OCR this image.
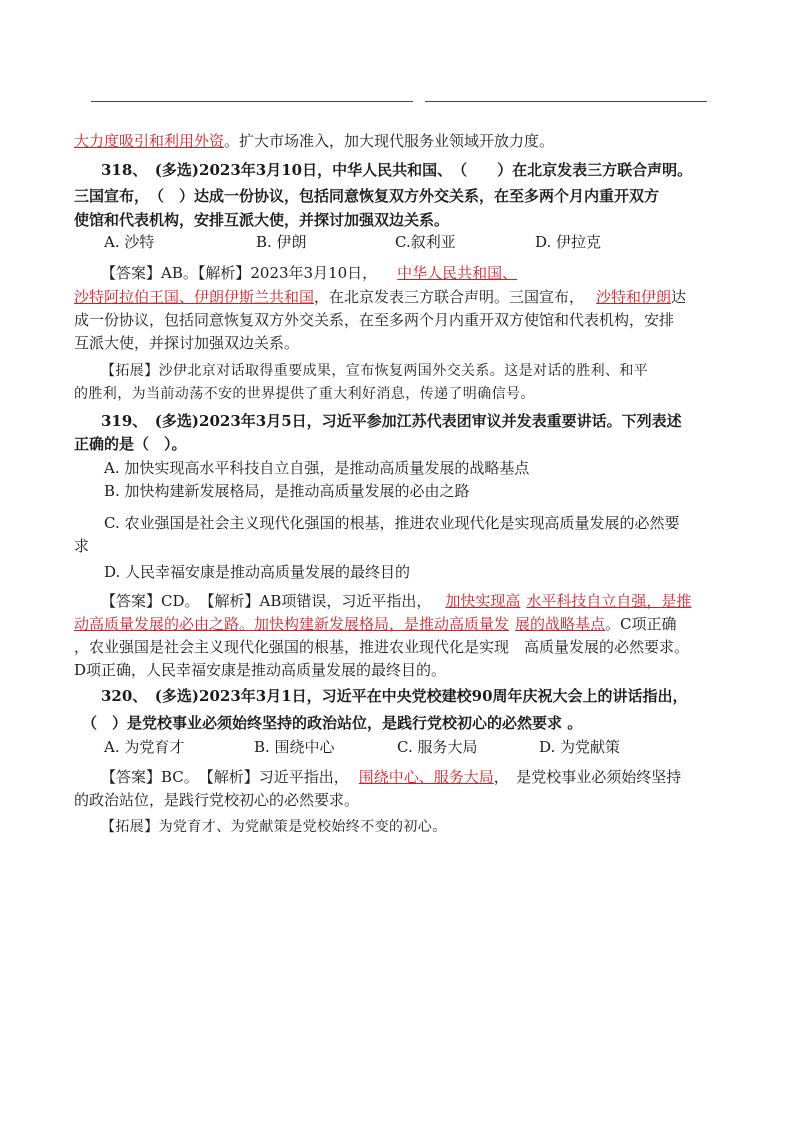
大力度吸引和利用外资。扩大市场准入，加大现代服务业领域开放力度。

318、　(多选)2023年3月10日，中华人民共和国、　（　　）在北京发表三方联合声明。

三国宣布，　（　）达成一份协议，包括同意恢复双方外交关系，在至多两个月内重开双方

使馆和代表机构，安排互派大使，并探讨加强双边关系。

A. 沙特	B. 伊朗	C.叙利亚	D. 伊拉克

【答案】AB。【解析】2023年3月10日， 中华人民共和国、

沙特阿拉伯王国、伊朗伊斯兰共和国，在北京发表三方联合声明。三国宣布， 沙特和伊朗达

成一份协议，包括同意恢复双方外交关系，在至多两个月内重开双方使馆和代表机构，安排

互派大使，并探讨加强双边关系。

【拓展】沙伊北京对话取得重要成果，宣布恢复两国外交关系。这是对话的胜利、和平

的胜利，为当前动荡不安的世界提供了重大利好消息，传递了明确信号。

319、　(多选)2023年3月5日，习近平参加江苏代表团审议并发表重要讲话。下列表述

正确的是（　）。

A. 加快实现高水平科技自立自强，是推动高质量发展的战略基点

B. 加快构建新发展格局，是推动高质量发展的必由之路

C. 农业强国是社会主义现代化强国的根基，推进农业现代化是实现高质量发展的必然要

求

D. 人民幸福安康是推动高质量发展的最终目的

【答案】CD。　【解析】AB项错误，习近平指出， 加快实现高 水平科技自立自强，是推

动高质量发展的必由之路。加快构建新发展格局，是推动高质量发 展的战略基点。C项正确

，农业强国是社会主义现代化强国的根基，推进农业现代化是实现　高质量发展的必然要求。

D项正确，人民幸福安康是推动高质量发展的最终目的。

320、　(多选)2023年3月1日，习近平在中央党校建校90周年庆祝大会上的讲话指出，

（　）是党校事业必须始终坚持的政治站位，是践行党校初心的必然要求 。

A. 为党育才	B. 围绕中心	C. 服务大局	D. 为党献策

【答案】BC。　【解析】习近平指出， 围绕中心、服务大局，　是党校事业必须始终坚持

的政治站位，是践行党校初心的必然要求。

【拓展】为党育才、为党献策是党校始终不变的初心。
